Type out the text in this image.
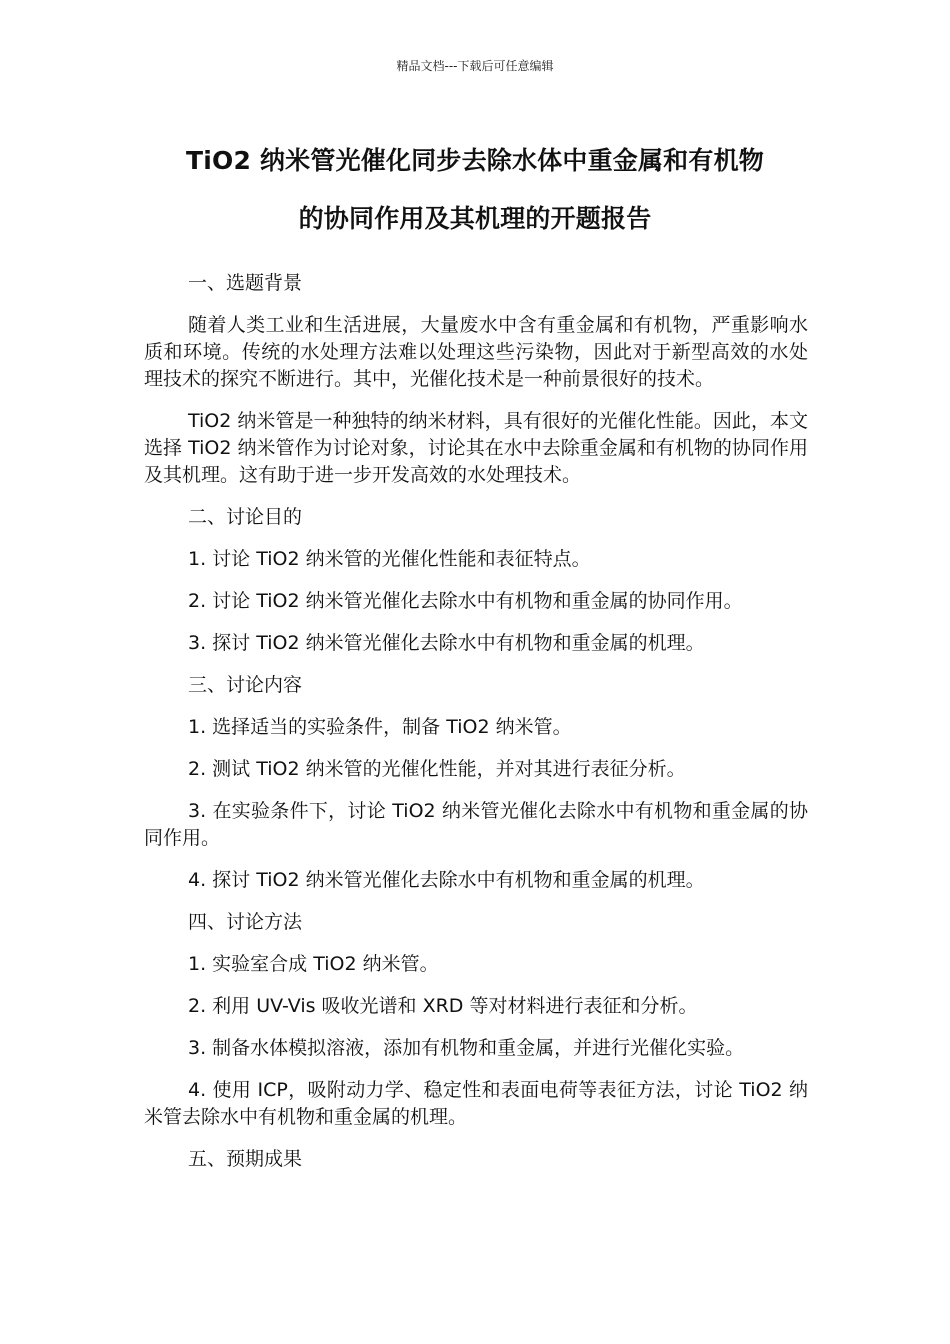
精品文档---下载后可任意编辑
TiO2 纳米管光催化同步去除水体中重金属和有机物
的协同作用及其机理的开题报告
一、选题背景
随着人类工业和生活进展，大量废水中含有重金属和有机物，严重影响水质和环境。传统的水处理方法难以处理这些污染物，因此对于新型高效的水处理技术的探究不断进行。其中，光催化技术是一种前景很好的技术。
TiO2 纳米管是一种独特的纳米材料，具有很好的光催化性能。因此，本文选择 TiO2 纳米管作为讨论对象，讨论其在水中去除重金属和有机物的协同作用及其机理。这有助于进一步开发高效的水处理技术。
二、讨论目的
1. 讨论 TiO2 纳米管的光催化性能和表征特点。
2. 讨论 TiO2 纳米管光催化去除水中有机物和重金属的协同作用。
3. 探讨 TiO2 纳米管光催化去除水中有机物和重金属的机理。
三、讨论内容
1. 选择适当的实验条件，制备 TiO2 纳米管。
2. 测试 TiO2 纳米管的光催化性能，并对其进行表征分析。
3. 在实验条件下，讨论 TiO2 纳米管光催化去除水中有机物和重金属的协同作用。
4. 探讨 TiO2 纳米管光催化去除水中有机物和重金属的机理。
四、讨论方法
1. 实验室合成 TiO2 纳米管。
2. 利用 UV-Vis 吸收光谱和 XRD 等对材料进行表征和分析。
3. 制备水体模拟溶液，添加有机物和重金属，并进行光催化实验。
4. 使用 ICP，吸附动力学、稳定性和表面电荷等表征方法，讨论 TiO2 纳米管去除水中有机物和重金属的机理。
五、预期成果
